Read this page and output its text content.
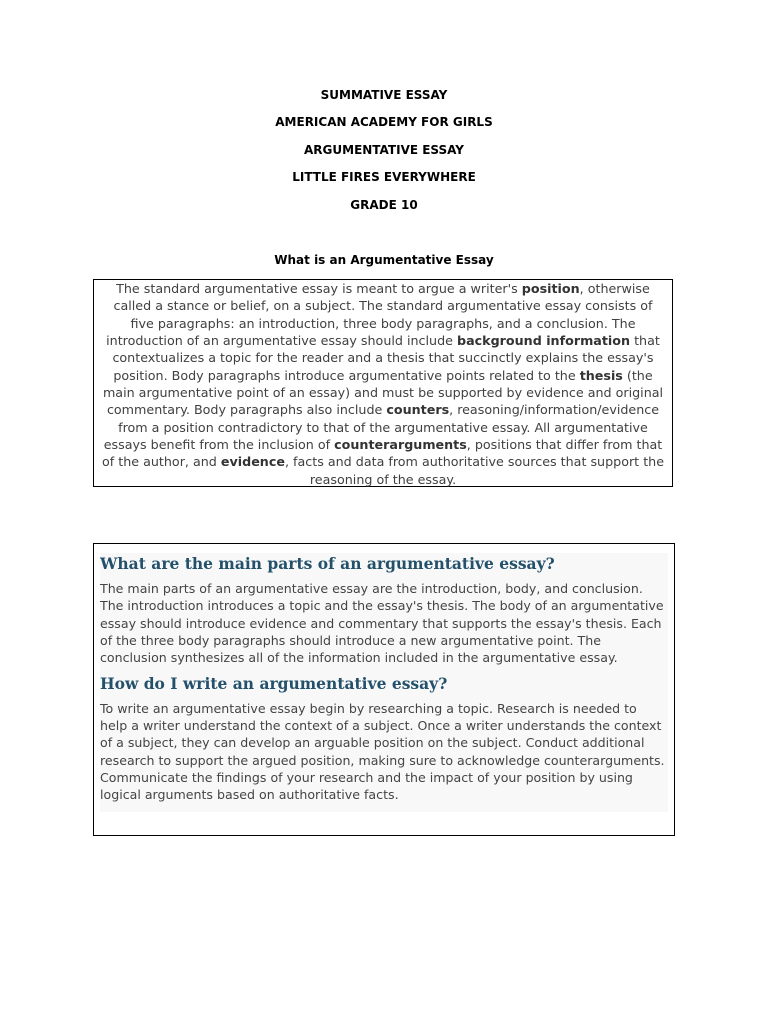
SUMMATIVE ESSAY

AMERICAN ACADEMY FOR GIRLS

ARGUMENTATIVE ESSAY

LITTLE FIRES EVERYWHERE

GRADE 10

What is an Argumentative Essay

The standard argumentative essay is meant to argue a writer's position, otherwise called a stance or belief, on a subject. The standard argumentative essay consists of five paragraphs: an introduction, three body paragraphs, and a conclusion. The introduction of an argumentative essay should include background information that contextualizes a topic for the reader and a thesis that succinctly explains the essay's position. Body paragraphs introduce argumentative points related to the thesis (the main argumentative point of an essay) and must be supported by evidence and original commentary. Body paragraphs also include counters, reasoning/information/evidence from a position contradictory to that of the argumentative essay. All argumentative essays benefit from the inclusion of counterarguments, positions that differ from that of the author, and evidence, facts and data from authoritative sources that support the reasoning of the essay.
What are the main parts of an argumentative essay?

The main parts of an argumentative essay are the introduction, body, and conclusion. The introduction introduces a topic and the essay's thesis. The body of an argumentative essay should introduce evidence and commentary that supports the essay's thesis. Each of the three body paragraphs should introduce a new argumentative point. The conclusion synthesizes all of the information included in the argumentative essay.

How do I write an argumentative essay?

To write an argumentative essay begin by researching a topic. Research is needed to help a writer understand the context of a subject. Once a writer understands the context of a subject, they can develop an arguable position on the subject. Conduct additional research to support the argued position, making sure to acknowledge counterarguments. Communicate the findings of your research and the impact of your position by using logical arguments based on authoritative facts.
